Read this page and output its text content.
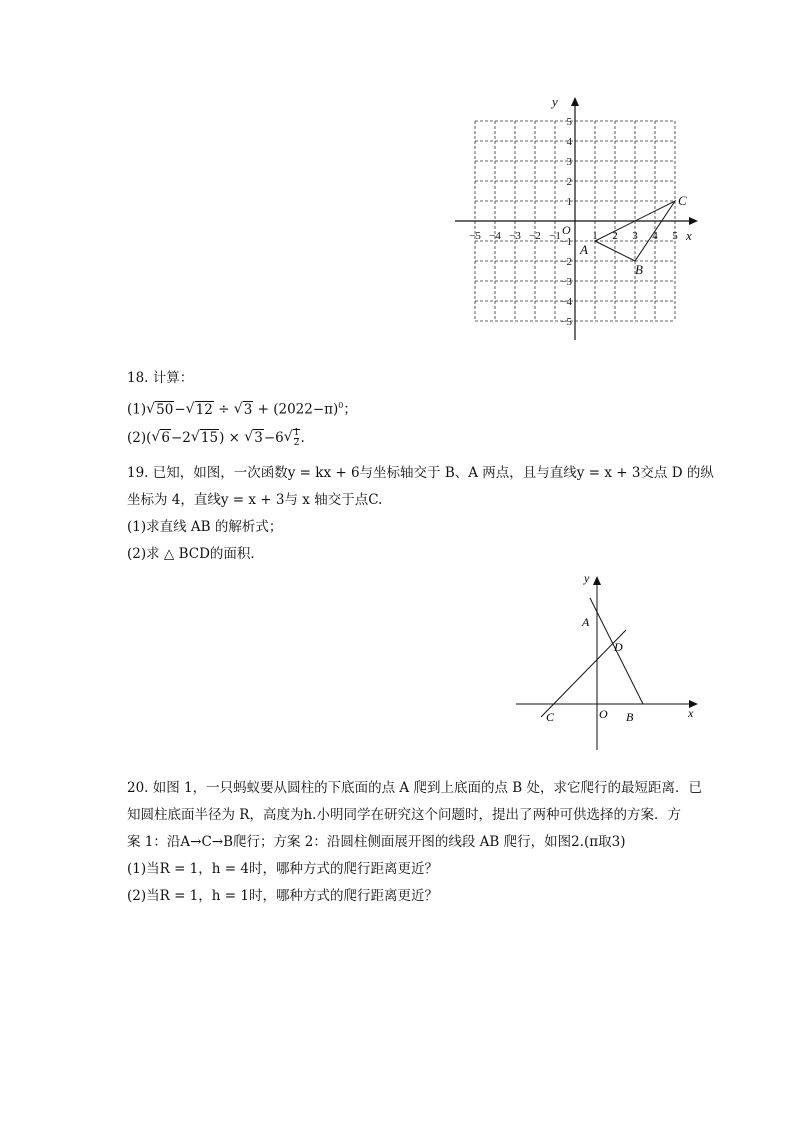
y
x
O
−5 −4 −3 −2 −1	1 2 3 4 5
5
4
3
2
1
−1
−2
−3
−4
−5
A
B
C
y
x
O
A
D
C	B
18. 计算：
(1) √ 50− √ 12 ÷ √ $3 + (2022-\pi)^0$；
(2)( √ 6−2 √ 15) × √ 3−6 √ $\frac{1}{2}$ .
19. 已知，如图，一次函数y = kx + 6与坐标轴交于 B、A 两点，且与直线y = x + 3交点 D 的纵
坐标为 4，直线y = x + 3与 x 轴交于点C.
(1)求直线 AB 的解析式；
(2)求 △ BCD的面积．
20. 如图 1，一只蚂蚁要从圆柱的下底面的点 A 爬到上底面的点 B 处，求它爬行的最短距离．已
知圆柱底面半径为 R，高度为h.小明同学在研究这个问题时，提出了两种可供选择的方案．方
案 1：沿A→C→B爬行；方案 2：沿圆柱侧面展开图的线段 AB 爬行，如图2.(π取3)
(1)当R = 1，h = 4时，哪种方式的爬行距离更近？
(2)当R = 1，h = 1时，哪种方式的爬行距离更近？
